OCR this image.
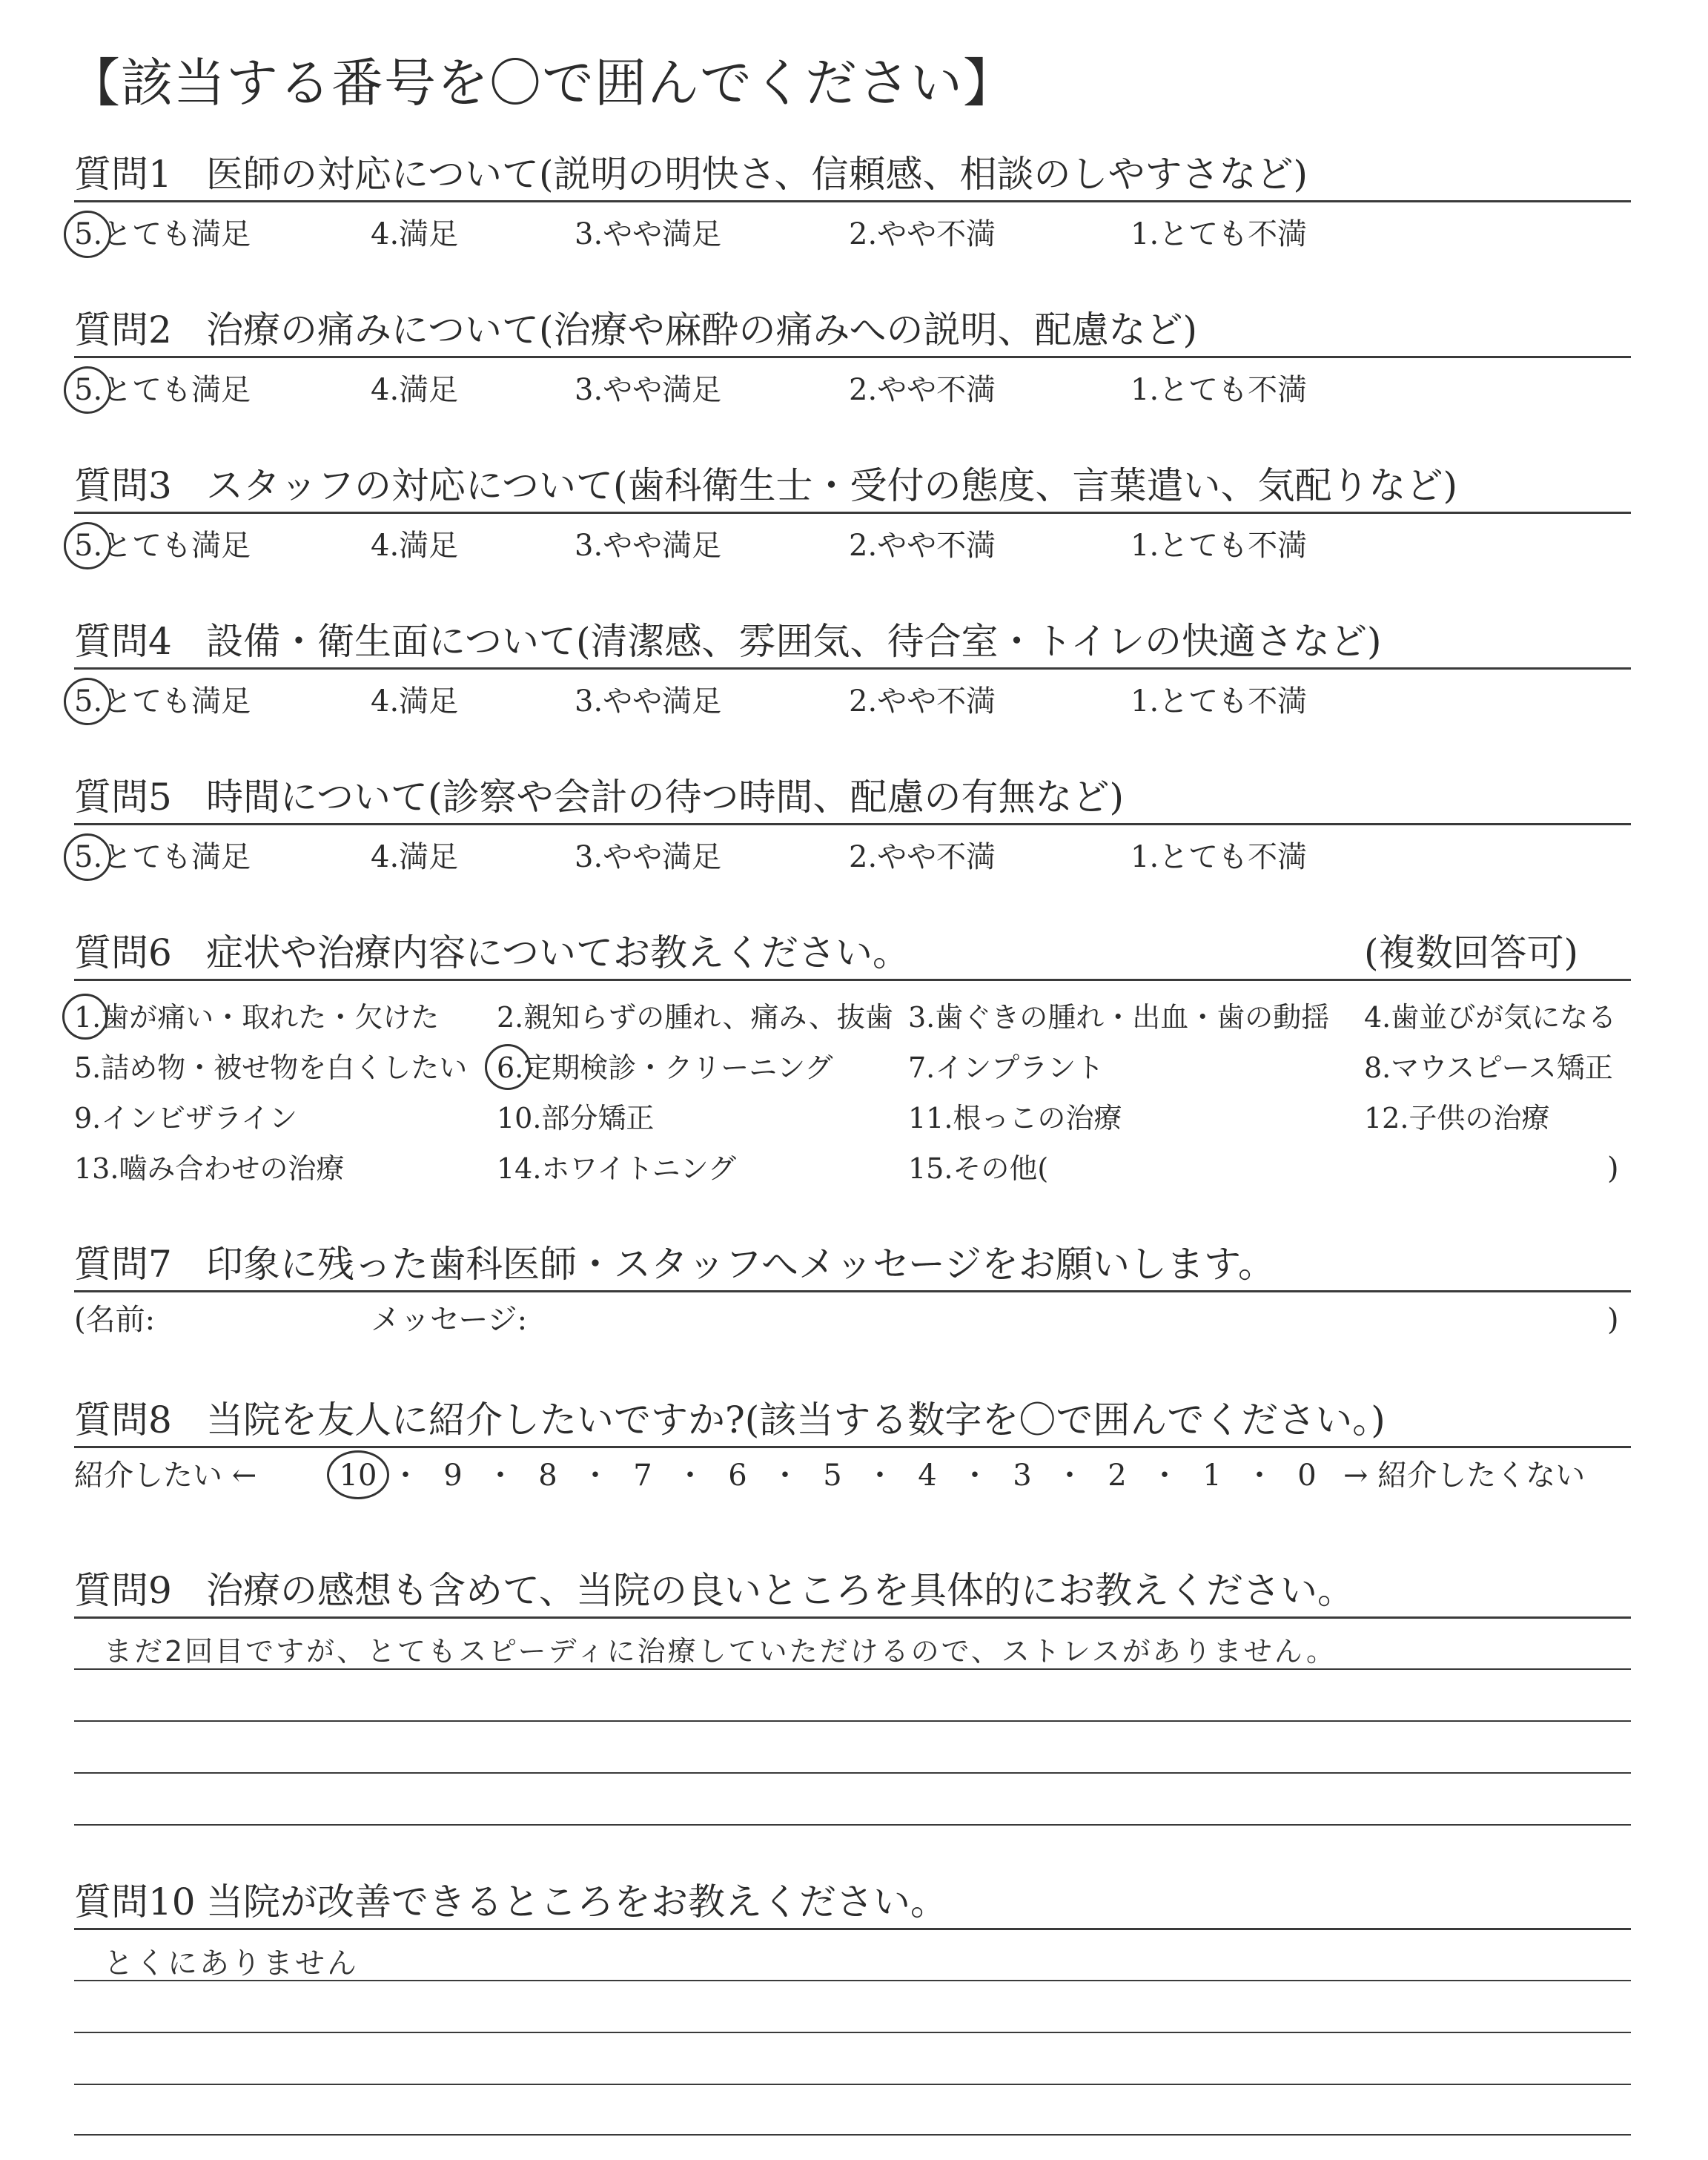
【該当する番号を〇で囲んでください】
質問1 医師の対応について(説明の明快さ、信頼感、相談のしやすさなど)
5.とても満足	4.満足	3.やや満足	2.やや不満	1.とても不満
質問2 治療の痛みについて(治療や麻酔の痛みへの説明、配慮など)
5.とても満足	4.満足	3.やや満足	2.やや不満	1.とても不満
質問3 スタッフの対応について(歯科衛生士・受付の態度、言葉遣い、気配りなど)
5.とても満足	4.満足	3.やや満足	2.やや不満	1.とても不満
質問4 設備・衛生面について(清潔感、雰囲気、待合室・トイレの快適さなど)
5.とても満足	4.満足	3.やや満足	2.やや不満	1.とても不満
質問5 時間について(診察や会計の待つ時間、配慮の有無など)
5.とても満足	4.満足	3.やや満足	2.やや不満	1.とても不満
質問6 症状や治療内容についてお教えください。	(複数回答可)
1.歯が痛い・取れた・欠けた 2.親知らずの腫れ、痛み、抜歯 3.歯ぐきの腫れ・出血・歯の動揺 4.歯並びが気になる
5.詰め物・被せ物を白くしたい 6.定期検診・クリーニング	7.インプラント	8.マウスピース矯正
9.インビザライン	10.部分矯正	11.根っこの治療	12.子供の治療
13.嚙み合わせの治療	14.ホワイトニング	15.その他(	)
質問7 印象に残った歯科医師・スタッフへメッセージをお願いします。
(名前:	メッセージ:	)
質問8 当院を友人に紹介したいですか?(該当する数字を〇で囲んでください。)
紹介したい ←	→ 紹介したくない
10 ・ 9 ・ 8 ・ 7 ・ 6 ・ 5 ・ 4 ・ 3 ・ 2 ・ 1 ・ 0
質問9 治療の感想も含めて、当院の良いところを具体的にお教えください。
まだ2回目ですが、とてもスピーディに治療していただけるので、ストレスがありません。
質問10 当院が改善できるところをお教えください。
とくにありません
